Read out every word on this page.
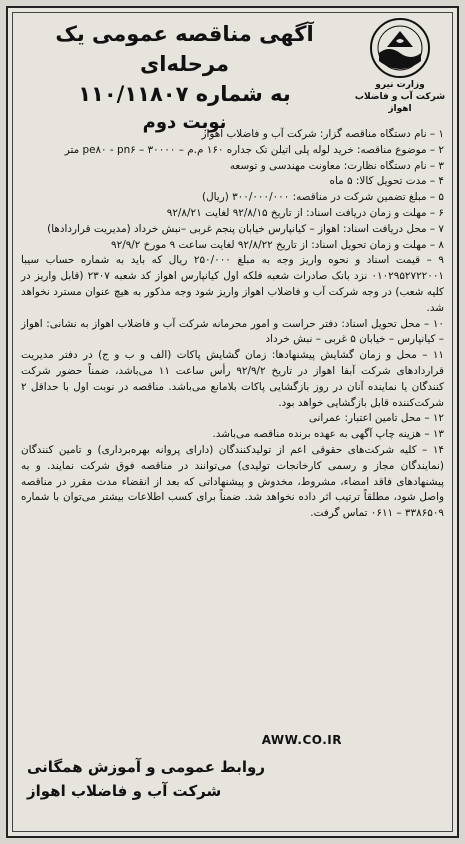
آگهی مناقصه عمومی یک مرحله‌ای
به شماره ۱۱۰/۱۱۸۰۷
نوبت دوم
وزارت نیرو
شرکت آب و فاضلاب
اهواز

۱ – نام دستگاه مناقصه گزار: شرکت آب و فاضلاب اهواز

۲ – موضوع مناقصه: خرید لوله پلی اتیلن تک جداره ۱۶۰ م.م – pe۸۰ - pn۶ – ۳۰۰۰۰ متر

۳ – نام دستگاه نظارت: معاونت مهندسی و توسعه

۴ – مدت تحویل کالا: ۵ ماه

۵ – مبلغ تضمین شرکت در مناقصه: ۳۰۰/۰۰۰/۰۰۰ (ریال)

۶ – مهلت و زمان دریافت اسناد: از تاریخ ۹۲/۸/۱۵ لغایت ۹۲/۸/۲۱

۷ – محل دریافت اسناد: اهواز – کیانپارس خیابان پنجم غربی –نبش خرداد (مدیریت قراردادها)

۸ – مهلت و زمان تحویل اسناد: از تاریخ ۹۲/۸/۲۲ لغایت ساعت ۹ مورخ ۹۲/۹/۲

۹ – قیمت اسناد و نحوه واریز وجه به مبلغ ۲۵۰/۰۰۰ ریال که باید به شماره حساب سیبا ۰۱۰۲۹۵۲۷۲۲۰۰۱ نزد بانک صادرات شعبه فلکه اول کیانپارس اهواز کد شعبه ۲۳۰۷ (قابل واریز در کلیه شعب) در وجه شرکت آب و فاضلاب اهواز واریز شود وجه مذکور به هیچ عنوان مسترد نخواهد شد.

۱۰ – محل تحویل اسناد: دفتر حراست و امور محرمانه شرکت آب و فاضلاب اهواز به نشانی: اهواز – کیانپارس – خیابان ۵ غربی – نبش خرداد

۱۱ – محل و زمان گشایش پیشنهادها: زمان گشایش پاکات (الف و ب و ج) در دفتر مدیریت قراردادهای شرکت آبفا اهواز در تاریخ ۹۲/۹/۲ رأس ساعت ۱۱ می‌باشد، ضمناً حضور شرکت کنندگان یا نماینده آنان در روز بازگشایی پاکات بلامانع می‌باشد. مناقصه در نوبت اول با حداقل ۲ شرکت‌کننده قابل بازگشایی خواهد بود.

۱۲ – محل تامین اعتبار: عمرانی

۱۳ – هزینه چاپ آگهی به عهده برنده مناقصه می‌باشد.

۱۴ – کلیه شرکت‌های حقوقی اعم از تولیدکنندگان (دارای پروانه بهره‌برداری) و تامین کنندگان (نمایندگان مجاز و رسمی کارخانجات تولیدی) می‌توانند در مناقصه فوق شرکت نمایند. و به پیشنهادهای فاقد امضاء، مشروط، مخدوش و پیشنهاداتی که بعد از انقضاء مدت مقرر در مناقصه واصل شود، مطلقاً ترتیب اثر داده نخواهد شد. ضمناً برای کسب اطلاعات بیشتر می‌توان با شماره ۳۳۸۶۵۰۹ – ۰۶۱۱ تماس گرفت.

AWW.CO.IR
روابط عمومی و آموزش همگانی
شرکت آب و فاضلاب اهواز
